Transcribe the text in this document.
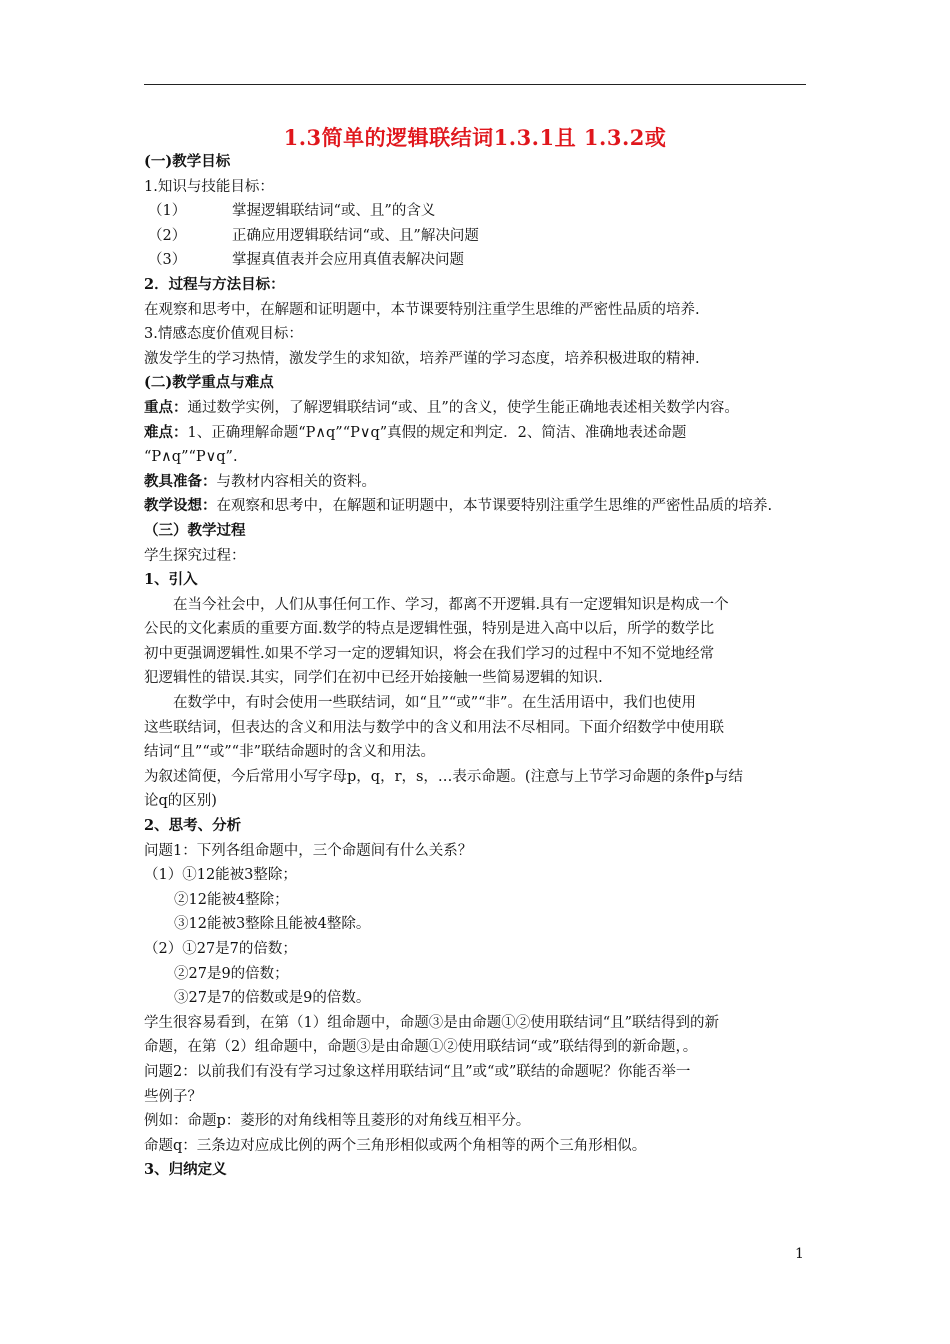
1.3简单的逻辑联结词1.3.1且 1.3.2或
(一)教学目标
1.知识与技能目标：
（1）	掌握逻辑联结词“或、且”的含义
（2）	正确应用逻辑联结词“或、且”解决问题
（3）	掌握真值表并会应用真值表解决问题
2．过程与方法目标：
在观察和思考中，在解题和证明题中，本节课要特别注重学生思维的严密性品质的培养.
3.情感态度价值观目标：
激发学生的学习热情，激发学生的求知欲，培养严谨的学习态度，培养积极进取的精神.
(二)教学重点与难点
重点：通过数学实例，了解逻辑联结词“或、且”的含义，使学生能正确地表述相关数学内容。
难点：1、正确理解命题“P∧q”“P∨q”真假的规定和判定．2、简洁、准确地表述命题
“P∧q”“P∨q”.
教具准备：与教材内容相关的资料。
教学设想： 在观察和思考中，在解题和证明题中，本节课要特别注重学生思维的严密性品质的培养.
（三）教学过程
学生探究过程：
1、引入
在当今社会中，人们从事任何工作、学习，都离不开逻辑.具有一定逻辑知识是构成一个
公民的文化素质的重要方面.数学的特点是逻辑性强，特别是进入高中以后，所学的数学比
初中更强调逻辑性.如果不学习一定的逻辑知识，将会在我们学习的过程中不知不觉地经常
犯逻辑性的错误.其实，同学们在初中已经开始接触一些简易逻辑的知识.
在数学中，有时会使用一些联结词，如“且”“或”“非”。在生活用语中，我们也使用
这些联结词，但表达的含义和用法与数学中的含义和用法不尽相同。下面介绍数学中使用联
结词“且”“或”“非”联结命题时的含义和用法。
为叙述简便，今后常用小写字母p，q，r，s，…表示命题。(注意与上节学习命题的条件p与结
论q的区别)
2、思考、分析
问题1：下列各组命题中，三个命题间有什么关系？
（1）①12能被3整除；
②12能被4整除；
③12能被3整除且能被4整除。
（2）①27是7的倍数；
②27是9的倍数；
③27是7的倍数或是9的倍数。
学生很容易看到，在第（1）组命题中，命题③是由命题①②使用联结词“且”联结得到的新
命题，在第（2）组命题中，命题③是由命题①②使用联结词“或”联结得到的新命题，。
问题2：以前我们有没有学习过象这样用联结词“且”或“或”联结的命题呢？你能否举一
些例子？
例如：命题p：菱形的对角线相等且菱形的对角线互相平分。
命题q：三条边对应成比例的两个三角形相似或两个角相等的两个三角形相似。
3、归纳定义
1
